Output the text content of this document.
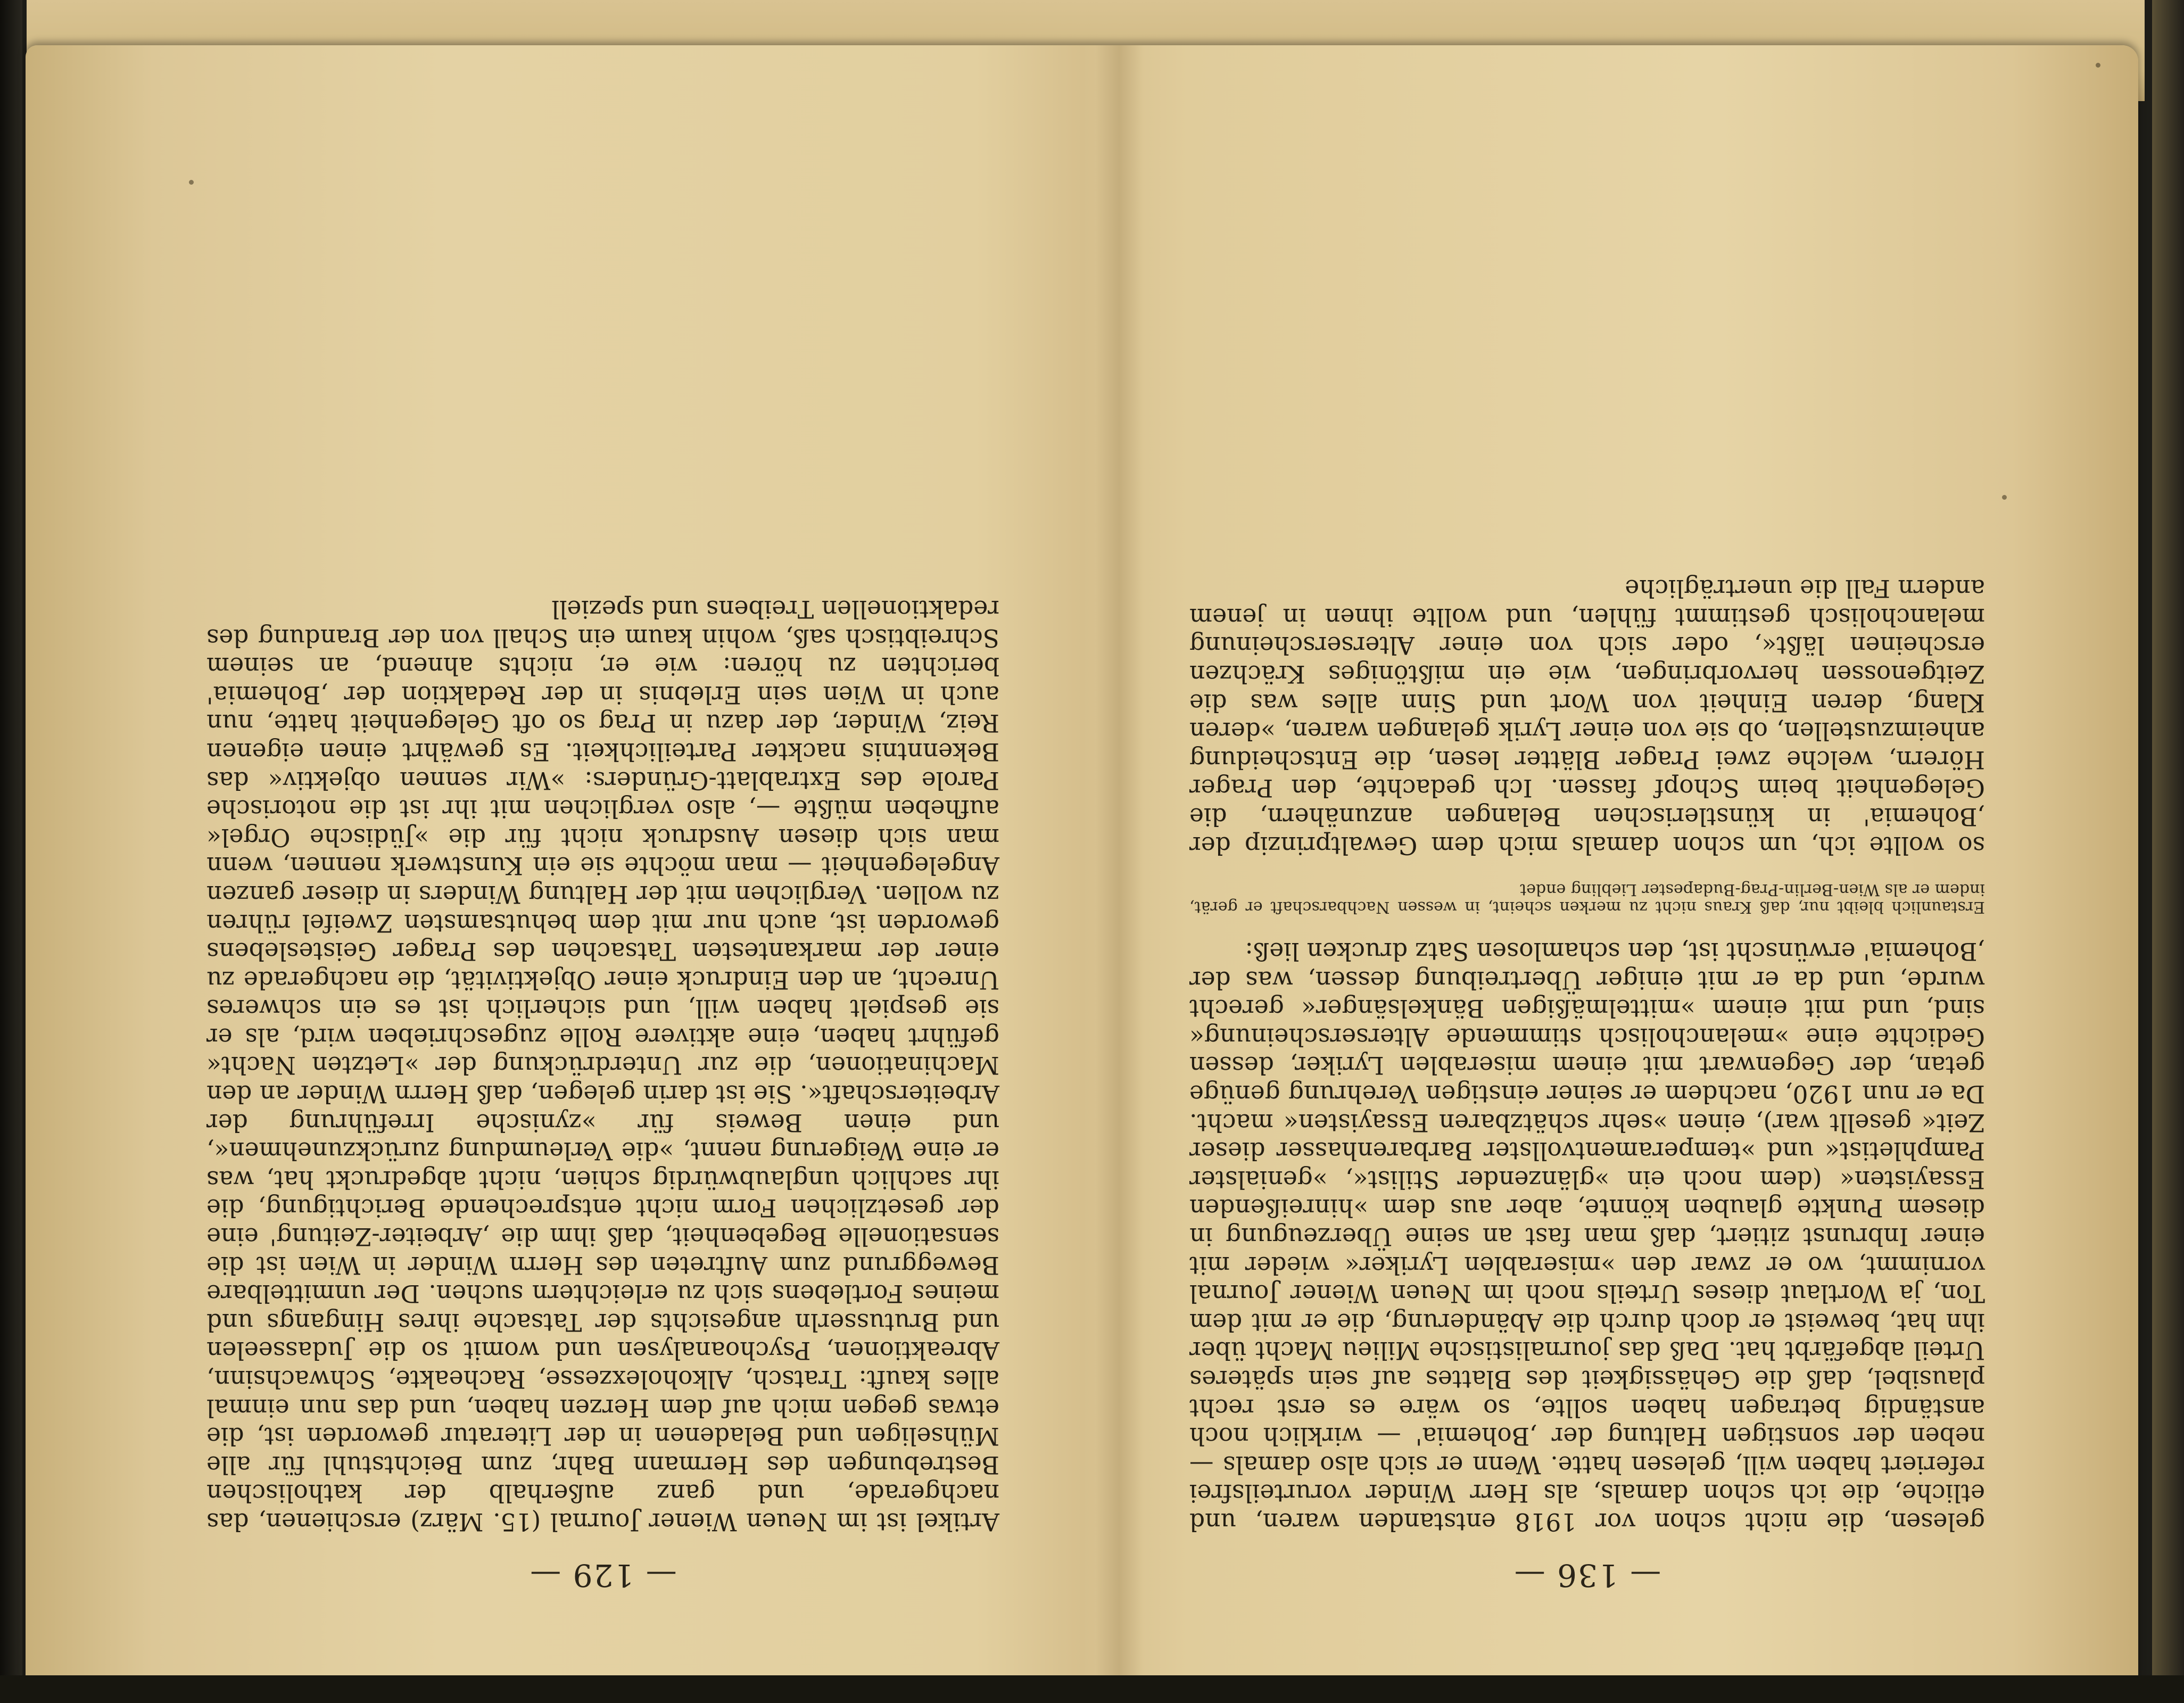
— 129 —

Artikel ist im Neuen Wiener Journal (15. März) erschienen, das nachgerade, und ganz außerhalb der katholischen Bestrebungen des Hermann Bahr, zum Beichtstuhl für alle Mühseligen und Beladenen in der Literatur geworden ist, die etwas gegen mich auf dem Herzen haben, und das nun einmal alles kauft: Tratsch, Alkoholexzesse, Racheakte, Schwachsinn, Abreaktionen, Psychoanalysen und womit so die Judasseelen und Brutusserln angesichts der Tatsache ihres Hingangs und meines Fortlebens sich zu erleichtern suchen. Der unmittelbare Beweggrund zum Auftreten des Herrn Winder in Wien ist die sensationelle Begebenheit, daß ihm die ‚Arbeiter-Zeitung' eine der gesetzlichen Form nicht entsprechende Berichtigung, die ihr sachlich unglaubwürdig schien, nicht abgedruckt hat, was er eine Weigerung nennt, »die Verleumdung zurückzunehmen«, und einen Beweis für »zynische Irreführung der Arbeiterschaft«. Sie ist darin gelegen, daß Herrn Winder an den Machinationen, die zur Unterdrückung der »Letzten Nacht« geführt haben, eine aktivere Rolle zugeschrieben wird, als er sie gespielt haben will, und sicherlich ist es ein schweres Unrecht, an den Eindruck einer Objektivität, die nachgerade zu einer der markantesten Tatsachen des Prager Geisteslebens geworden ist, auch nur mit dem behutsamsten Zweifel rühren zu wollen. Verglichen mit der Haltung Winders in dieser ganzen Angelegenheit — man möchte sie ein Kunstwerk nennen, wenn man sich diesen Ausdruck nicht für die »Jüdische Orgel« aufheben müßte —, also verglichen mit ihr ist die notorische Parole des Extrablatt-Gründers: »Wir sennen objektiv« das Bekenntnis nackter Parteilichkeit. Es gewährt einen eigenen Reiz, Winder, der dazu in Prag so oft Gelegenheit hatte, nun auch in Wien sein Erlebnis in der Redaktion der ‚Bohemia' berichten zu hören: wie er, nichts ahnend, an seinem Schreibtisch saß, wohin kaum ein Schall von der Brandung des redaktionellen Treibens und speziell

— 136 —

gelesen, die nicht schon vor 1918 entstanden waren, und etliche, die ich schon damals, als Herr Winder vorurteilsfrei referiert haben will, gelesen hatte. Wenn er sich also damals — neben der sonstigen Haltung der ‚Bohemia' — wirklich noch anständig betragen haben sollte, so wäre es erst recht plausibel, daß die Gehässigkeit des Blattes auf sein späteres Urteil abgefärbt hat. Daß das journalistische Milieu Macht über ihn hat, beweist er doch durch die Abänderung, die er mit dem Ton, ja Wortlaut dieses Urteils noch im Neuen Wiener Journal vornimmt, wo er zwar den »miserablen Lyriker« wieder mit einer Inbrunst zitiert, daß man fast an seine Überzeugung in diesem Punkte glauben könnte, aber aus dem »hinreißenden Essayisten« (dem noch ein »glänzender Stilist«, »genialster Pamphletist« und »temperamentvollster Barbarenhasser dieser Zeit« gesellt war), einen »sehr schätzbaren Essayisten« macht. Da er nun 1920, nachdem er seiner einstigen Verehrung genüge getan, der Gegenwart mit einem miserablen Lyriker, dessen Gedichte eine »melancholisch stimmende Alterserscheinung« sind, und mit einem »mittelmäßigen Bänkelsänger« gerecht wurde, und da er mit einiger Übertreibung dessen, was der ‚Bohemia' erwünscht ist, den schamlosen Satz drucken ließ:

Erstaunlich bleibt nur, daß Kraus nicht zu merken scheint, in wessen Nachbarschaft er gerät, indem er als Wien-Berlin-Prag-Budapester Liebling endet

so wollte ich, um schon damals mich dem Gewaltprinzip der ‚Bohemia' in künstlerischen Belangen anzunähern, die Gelegenheit beim Schopf fassen. Ich gedachte, den Prager Hörern, welche zwei Prager Blätter lesen, die Entscheidung anheimzustellen, ob sie von einer Lyrik gelangen waren, »deren Klang, deren Einheit von Wort und Sinn alles was die Zeitgenossen hervorbringen, wie ein mißtöniges Krächzen erscheinen läßt«, oder sich von einer Alterserscheinung melancholisch gestimmt fühlen, und wollte ihnen in jenem andern Fall die unerträgliche
